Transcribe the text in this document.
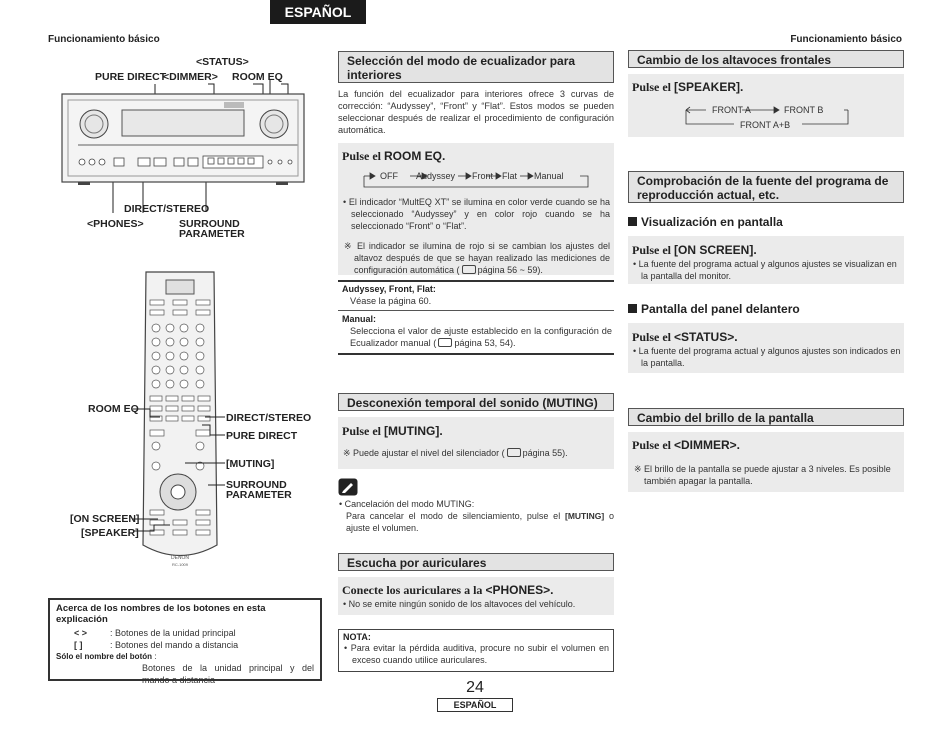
ESPAÑOL
Funcionamiento básico	Funcionamiento básico
<STATUS>
PURE DIRECT
<DIMMER> ROOM EQ
DIRECT/STEREO
<PHONES>	SURROUND
PARAMETER
DENON
RC-1009
ROOM EQ
DIRECT/STEREO
PURE DIRECT
[MUTING]
SURROUND
PARAMETER
[ON SCREEN]
[SPEAKER]
Acerca de los nombres de los botones en esta explicación
< >	: Botones de la unidad principal
[ ]	: Botones del mando a distancia
Sólo el nombre del botón :
Botones de la unidad principal y del mando a distancia
Selección del modo de ecualizador para interiores
La función del ecualizador para interiores ofrece 3 curvas de corrección: “Audyssey”, “Front” y “Flat”. Estos modos se pueden seleccionar después de realizar el procedimiento de configuración automática.
Pulse el ROOM EQ.
OFF Audyssey Front Flat Manual
• El indicador “MultEQ XT” se ilumina en color verde cuando se ha seleccionado “Audyssey” y en color rojo cuando se ha seleccionado “Front” o “Flat”.
※ El indicador se ilumina de rojo si se cambian los ajustes del altavoz después de que se hayan realizado las mediciones de configuración automática ( página 56 ~ 59).
Audyssey, Front, Flat:
Véase la página 60.
Manual:
Selecciona el valor de ajuste establecido en la configuración de Ecualizador manual ( página 53, 54).
Desconexión temporal del sonido (MUTING)
Pulse el [MUTING].
※ Puede ajustar el nivel del silenciador ( página 55).
• Cancelación del modo MUTING:
Para cancelar el modo de silenciamiento, pulse el [MUTING] o ajuste el volumen.
Escucha por auriculares
Conecte los auriculares a la <PHONES>.
• No se emite ningún sonido de los altavoces del vehículo.
NOTA:
• Para evitar la pérdida auditiva, procure no subir el volumen en exceso cuando utilice auriculares.
Cambio de los altavoces frontales
Pulse el [SPEAKER].
FRONT A	FRONT B
FRONT A+B
Comprobación de la fuente del programa de reproducción actual, etc.
Visualización en pantalla
Pulse el [ON SCREEN].
• La fuente del programa actual y algunos ajustes se visualizan en la pantalla del monitor.
Pantalla del panel delantero
Pulse el <STATUS>.
• La fuente del programa actual y algunos ajustes son indicados en la pantalla.
Cambio del brillo de la pantalla
Pulse el <DIMMER>.
※ El brillo de la pantalla se puede ajustar a 3 niveles. Es posible también apagar la pantalla.
24
ESPAÑOL
